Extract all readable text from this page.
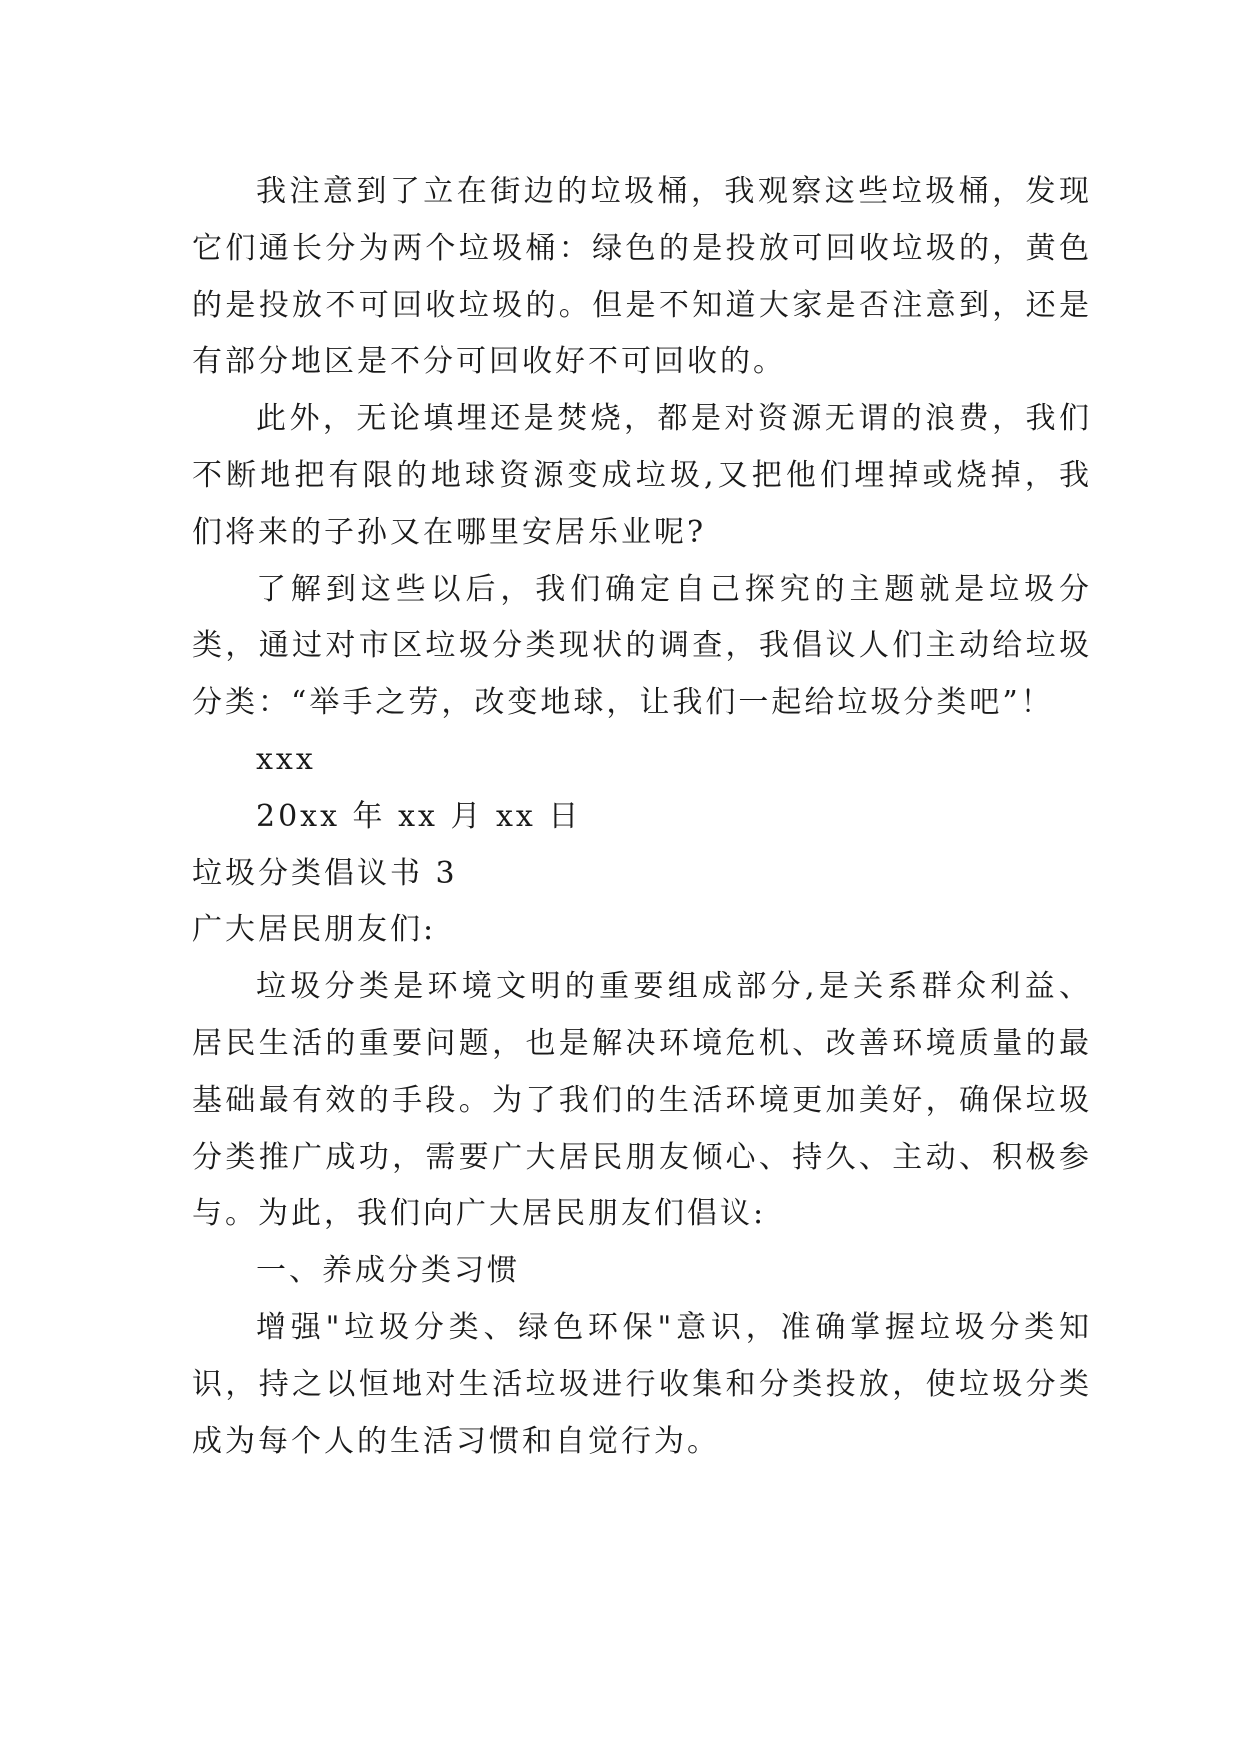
我注意到了立在街边的垃圾桶，我观察这些垃圾桶，发现它们通长分为两个垃圾桶：绿色的是投放可回收垃圾的，黄色的是投放不可回收垃圾的。但是不知道大家是否注意到，还是有部分地区是不分可回收好不可回收的。

此外，无论填埋还是焚烧，都是对资源无谓的浪费，我们不断地把有限的地球资源变成垃圾,又把他们埋掉或烧掉，我们将来的子孙又在哪里安居乐业呢?

了解到这些以后，我们确定自己探究的主题就是垃圾分类，通过对市区垃圾分类现状的调查，我倡议人们主动给垃圾分类：“举手之劳，改变地球，让我们一起给垃圾分类吧”！

xxx

20xx 年 xx 月 xx 日

垃圾分类倡议书 3

广大居民朋友们:

垃圾分类是环境文明的重要组成部分,是关系群众利益、居民生活的重要问题，也是解决环境危机、改善环境质量的最基础最有效的手段。为了我们的生活环境更加美好，确保垃圾分类推广成功，需要广大居民朋友倾心、持久、主动、积极参与。为此，我们向广大居民朋友们倡议:

一、养成分类习惯

增强"垃圾分类、绿色环保"意识，准确掌握垃圾分类知识，持之以恒地对生活垃圾进行收集和分类投放，使垃圾分类成为每个人的生活习惯和自觉行为。
